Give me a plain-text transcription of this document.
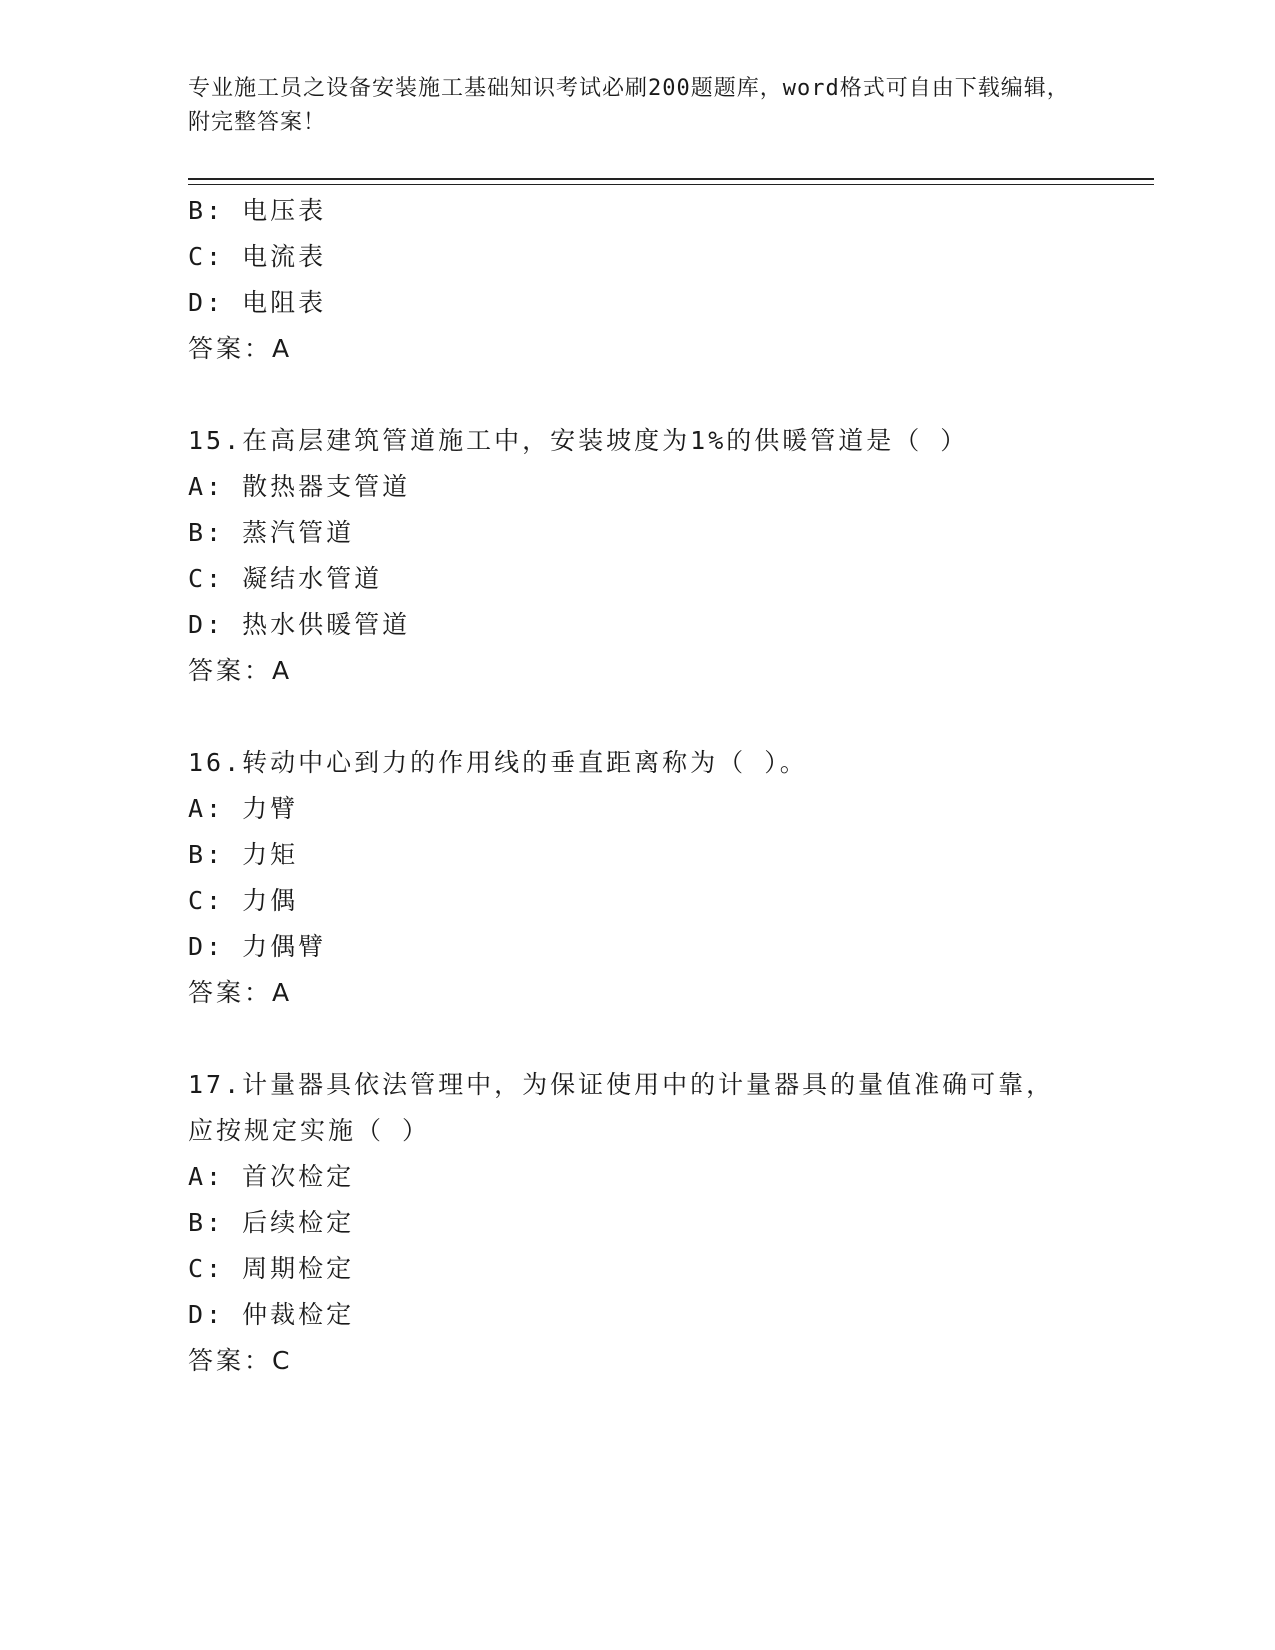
专业施工员之设备安装施工基础知识考试必刷200题题库，word格式可自由下载编辑，附完整答案！
B: 电压表
C: 电流表
D: 电阻表
答案：A
15.在高层建筑管道施工中，安装坡度为1%的供暖管道是（ ）
A: 散热器支管道
B: 蒸汽管道
C: 凝结水管道
D: 热水供暖管道
答案：A
16.转动中心到力的作用线的垂直距离称为（ ）。
A: 力臂
B: 力矩
C: 力偶
D: 力偶臂
答案：A
17.计量器具依法管理中，为保证使用中的计量器具的量值准确可靠，应按规定实施（ ）
A: 首次检定
B: 后续检定
C: 周期检定
D: 仲裁检定
答案：C
